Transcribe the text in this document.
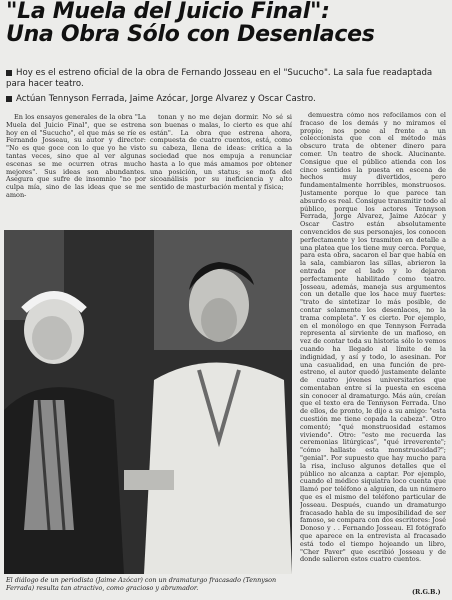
"La Muela del Juicio Final":
Una Obra Sólo con Desenlaces
Hoy es el estreno oficial de la obra de Fernando Josseau en el "Sucucho". La sala fue readaptada para hacer teatro.
Actúan Tennyson Ferrada, Jaime Azócar, Jorge Alvarez y Oscar Castro.

En los ensayos generales de la obra "La Muela del Juicio Final", que se estrena hoy en el "Sucucho", el que más se ríe es Fernando Josseau, su autor y director: "No es que goce con lo que yo he visto tantas veces, sino que al ver algunas escenas se me ocurren otras mucho mejores". Sus ideas son abundantes. Asegura que sufre de insomnio "no por culpa mía, sino de las ideas que se me amon-

tonan y no me dejan dormir. No sé si son buenas o malas, lo cierto es que ahí están". La obra que estrena ahora, compuesta de cuatro cuentos, está, como su cabeza, llena de ideas: crítica a la sociedad que nos empuja a renunciar hasta a lo que más amamos por obtener una posición, un status; se mofa del sicoanálisis por su ineficiencia y alto sentido de masturbación mental y física;

demuestra cómo nos refocilamos con el fracaso de los demás y no miramos el propio; nos pone al frente a un coleccionista que con el método más obscuro trata de obtener dinero para comer. Un teatro de shock. Alucinante. Consigue que el público atienda con los cinco sentidos la puesta en escena de hechos muy divertidos, pero fundamentalmente horribles, monstruosos. Justamente porque lo que parece tan absurdo es real. Consigue transmitir todo al público, porque los actores Tennyson Ferrada, Jorge Alvarez, Jaime Azócar y Oscar Castro están absolutamente convencidos de sus personajes, los conocen perfectamente y los trasmiten en detalle a una platea que los tiene muy cerca. Porque, para esta obra, sacaron el bar que había en la sala, cambiaron las sillas, abrieron la entrada por el lado y lo dejaron perfectamente habilitado como teatro. Josseau, además, maneja sus argumentos con un detalle que los hace muy fuertes: "trato de sintetizar lo más posible, de contar solamente los desenlaces, no la trama completa". Y es cierto. Por ejemplo, en el monólogo en que Tennyson Ferrada representa al sirviente de un mafioso, en vez de contar toda su historia sólo lo vemos cuando ha llegado al límite de la indignidad, y así y todo, lo asesinan. Por una casualidad, en una función de pre-estreno, el autor quedó justamente delante de cuatro jóvenes universitarios que comentaban entre sí la puesta en escena sin conocer al dramaturgo. Más aún, creían que el texto era de Tennyson Ferrada. Uno de ellos, de pronto, le dijo a su amigo: "esta cuestión me tiene copada la cabeza". Otro comentó; "qué monstruosidad estamos viviendo". Otro: "esto me recuerda las ceremonias litúrgicas", "qué irreverente"; "cómo hallaste esta monstruosidad?"; "genial". Por supuesto que hay mucho para la risa, incluso algunos detalles que el público no alcanza a captar. Por ejemplo, cuando el médico siquiatra loco cuenta que llamó por teléfono a alguien, da un número que es el mismo del teléfono particular de Josseau. Después, cuando un dramaturgo fracasado habla de su imposibilidad de ser famoso, se compara con dos escritores: José Donoso y . . Fernando Josseau. El fotógrafo que aparece en la entrevista al fracasado está todo el tiempo hojeando un libro, "Cher Paver" que escribió Josseau y de donde salieron estos cuatro cuentos.

El diálogo de un periodista (Jaime Azócar) con un dramaturgo fracasado (Tennyson Ferrada) resulta tan atractivo, como gracioso y abrumador.
(R.G.B.)
